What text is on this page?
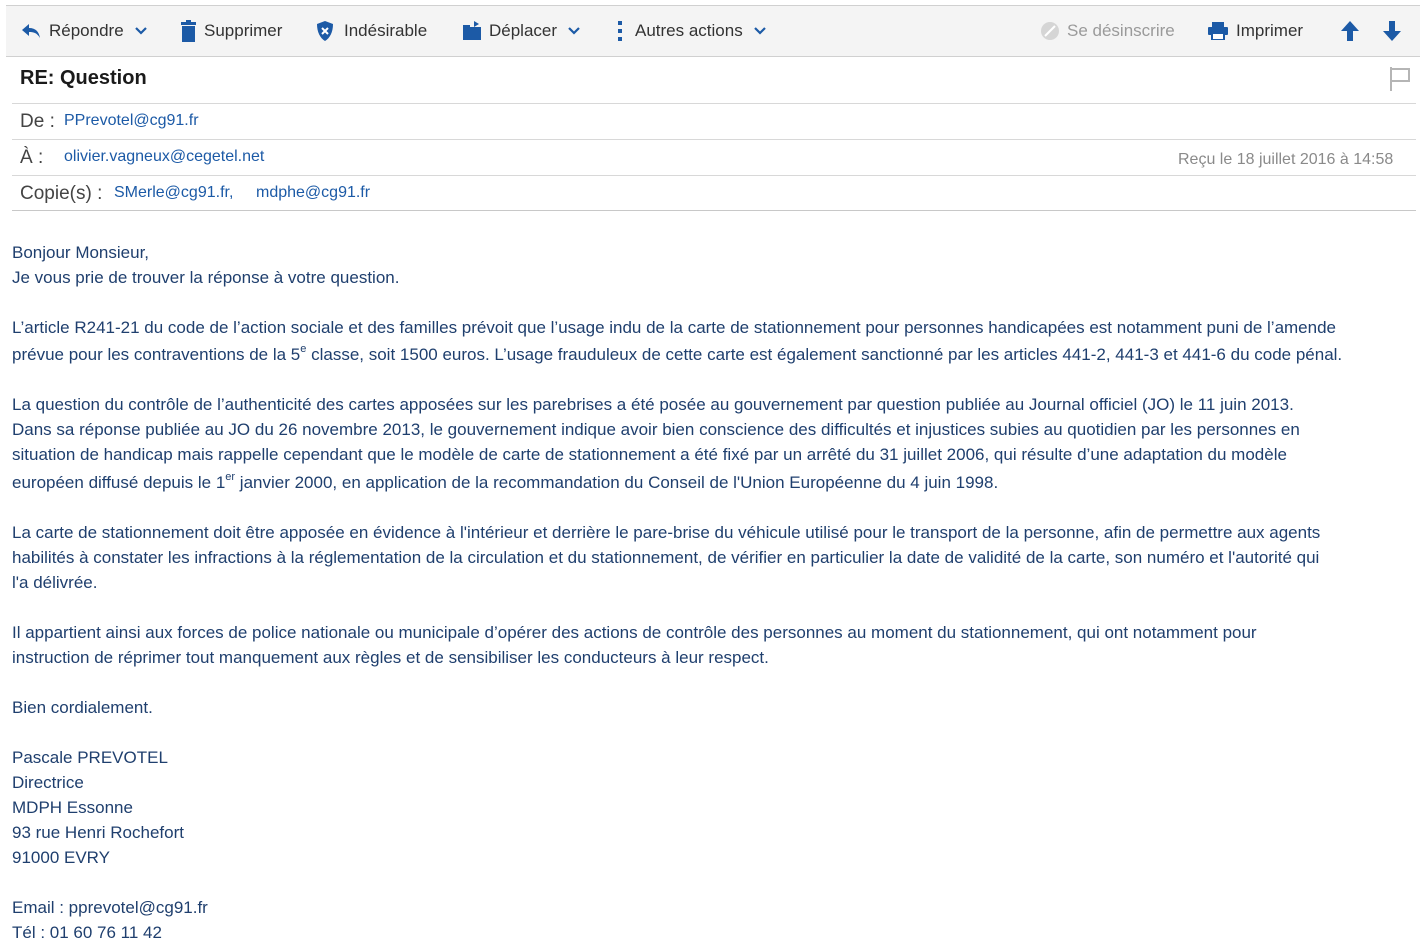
Répondre	Supprimer	Indésirable	Déplacer	Autres actions	Se désinscrire	Imprimer
RE: Question
De : PPrevotel@cg91.fr
À : olivier.vagneux@cegetel.net	Reçu le 18 juillet 2016 à 14:58
Copie(s) : SMerle@cg91.fr, mdphe@cg91.fr

Bonjour Monsieur,
Je vous prie de trouver la réponse à votre question.

L’article R241-21 du code de l’action sociale et des familles prévoit que l’usage indu de la carte de stationnement pour personnes handicapées est notamment puni de l’amende
prévue pour les contraventions de la 5e classe, soit 1500 euros. L’usage frauduleux de cette carte est également sanctionné par les articles 441-2, 441-3 et 441-6 du code pénal.

La question du contrôle de l’authenticité des cartes apposées sur les parebrises a été posée au gouvernement par question publiée au Journal officiel (JO) le 11 juin 2013.
Dans sa réponse publiée au JO du 26 novembre 2013, le gouvernement indique avoir bien conscience des difficultés et injustices subies au quotidien par les personnes en
situation de handicap mais rappelle cependant que le modèle de carte de stationnement a été fixé par un arrêté du 31 juillet 2006, qui résulte d’une adaptation du modèle
européen diffusé depuis le 1er janvier 2000, en application de la recommandation du Conseil de l'Union Européenne du 4 juin 1998.

La carte de stationnement doit être apposée en évidence à l'intérieur et derrière le pare-brise du véhicule utilisé pour le transport de la personne, afin de permettre aux agents
habilités à constater les infractions à la réglementation de la circulation et du stationnement, de vérifier en particulier la date de validité de la carte, son numéro et l'autorité qui
l'a délivrée.

Il appartient ainsi aux forces de police nationale ou municipale d’opérer des actions de contrôle des personnes au moment du stationnement, qui ont notamment pour
instruction de réprimer tout manquement aux règles et de sensibiliser les conducteurs à leur respect.

Bien cordialement.

Pascale PREVOTEL
Directrice
MDPH Essonne
93 rue Henri Rochefort
91000 EVRY

Email : pprevotel@cg91.fr
Tél : 01 60 76 11 42
